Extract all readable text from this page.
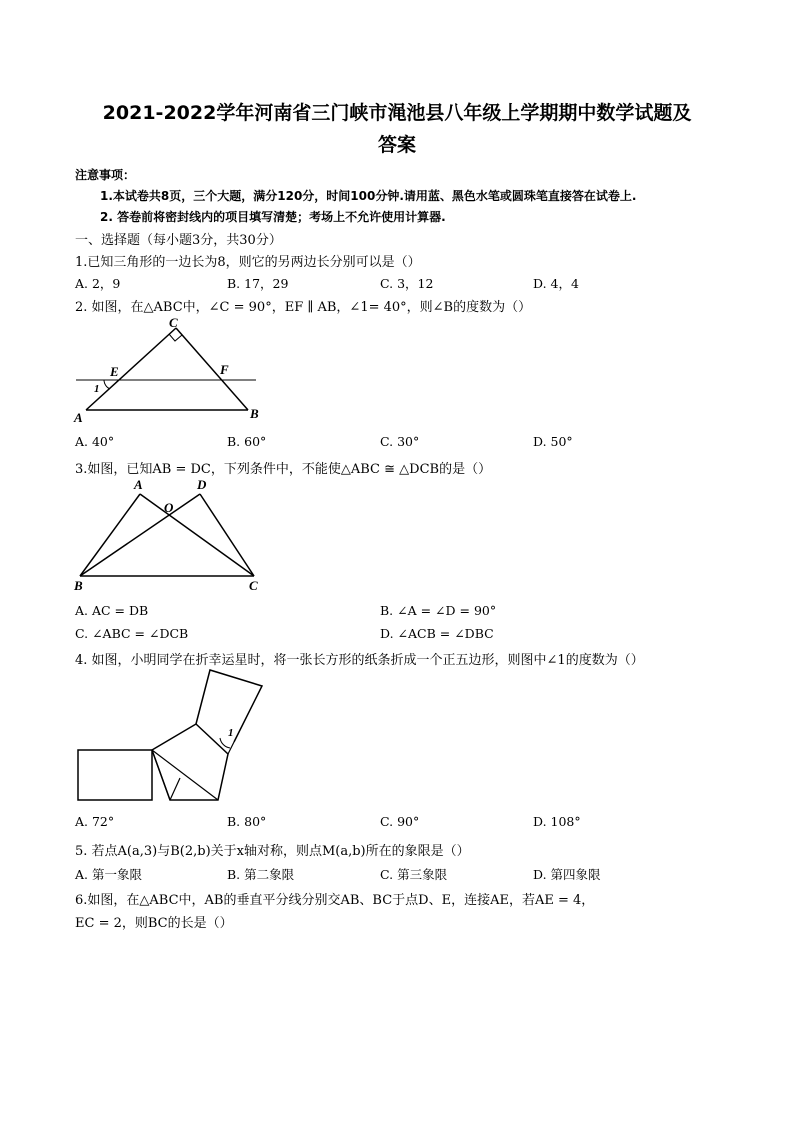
2021-2022学年河南省三门峡市渑池县八年级上学期期中数学试题及
答案
注意事项：
1.本试卷共8页，三个大题，满分120分，时间100分钟.请用蓝、黑色水笔或圆珠笔直接答在试卷上.
2. 答卷前将密封线内的项目填写清楚；考场上不允许使用计算器.
一、选择题（每小题3分，共30分）
1.已知三角形的一边长为8，则它的另两边长分别可以是（）
A. 2，9	B. 17，29	C. 3，12	D. 4，4
2. 如图，在△ABC中，∠C = 90°，EF ∥ AB，∠1= 40°，则∠B的度数为（）
C
E	F
1
A	B
A. 40°	B. 60°	C. 30°	D. 50°
3.如图，已知AB = DC，下列条件中，不能使△ABC ≅ △DCB的是（）
A	D
O
B	C
A. AC = DB	B. ∠A = ∠D = 90°
C. ∠ABC = ∠DCB	D. ∠ACB = ∠DBC
4. 如图，小明同学在折幸运星时，将一张长方形的纸条折成一个正五边形，则图中∠1的度数为（）
1
A. 72°	B. 80°	C. 90°	D. 108°
5. 若点A(a,3)与B(2,b)关于x轴对称，则点M(a,b)所在的象限是（）
A. 第一象限	B. 第二象限	C. 第三象限	D. 第四象限
6.如图，在△ABC中，AB的垂直平分线分别交AB、BC于点D、E，连接AE，若AE = 4，
EC = 2，则BC的长是（）
